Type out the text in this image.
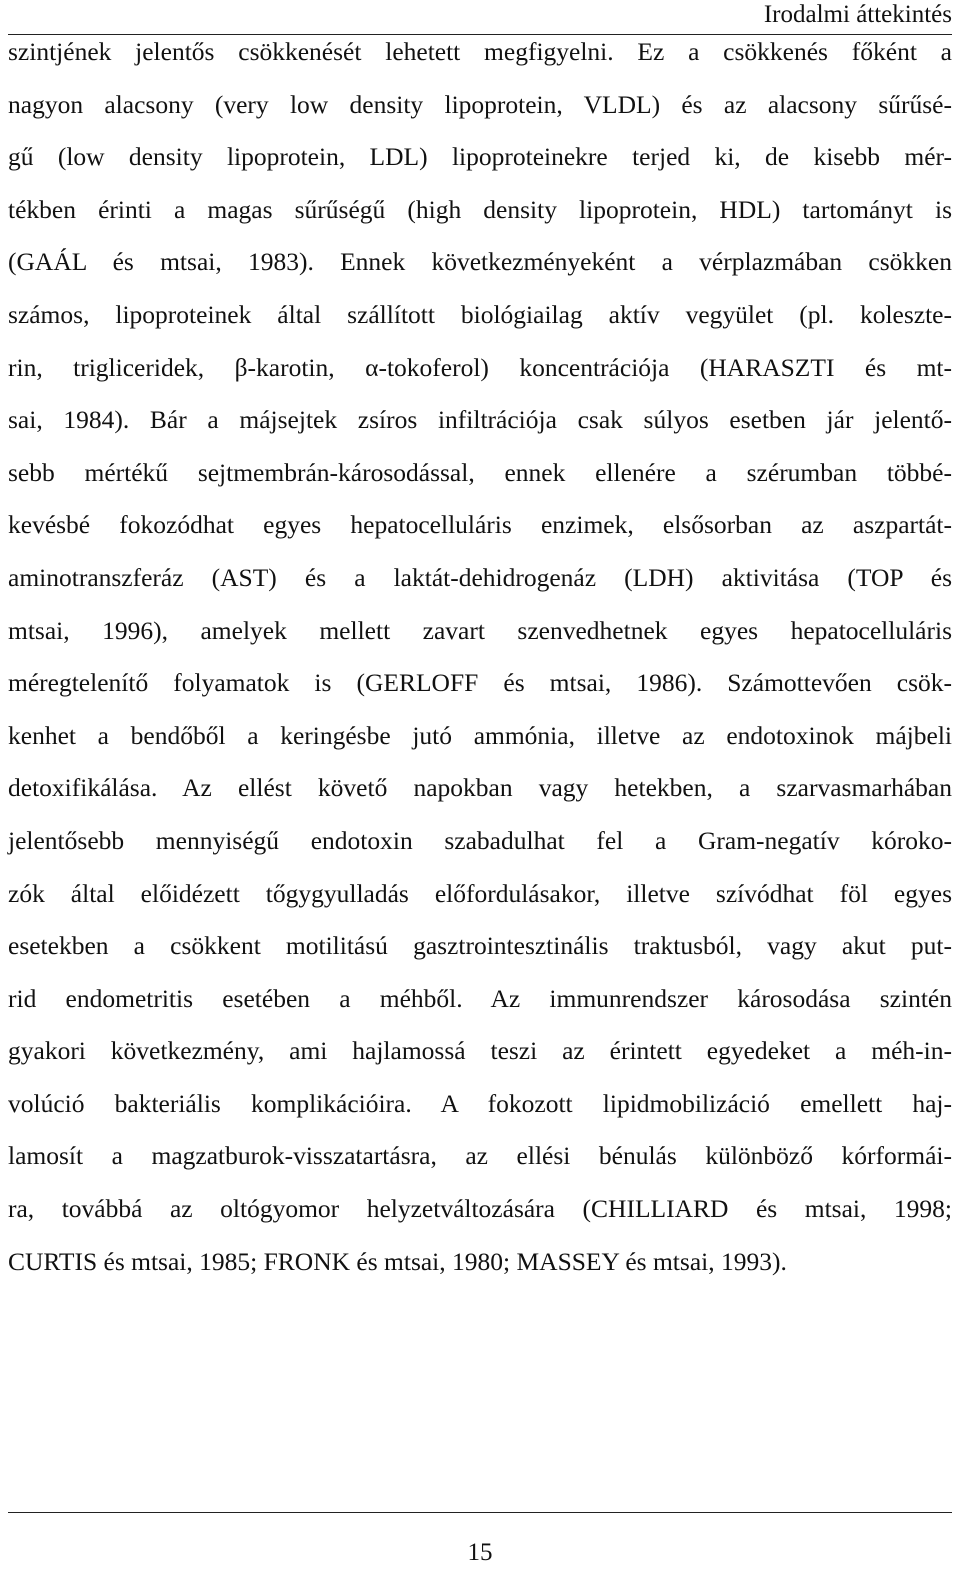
Irodalmi áttekintés
szintjének jelentős csökkenését lehetett megfigyelni. Ez a csökkenés főként a
nagyon alacsony (very low density lipoprotein, VLDL) és az alacsony sűrűsé-
gű (low density lipoprotein, LDL) lipoproteinekre terjed ki, de kisebb mér-
tékben érinti a magas sűrűségű (high density lipoprotein, HDL) tartományt is
(GAÁL és mtsai, 1983). Ennek következményeként a vérplazmában csökken
számos, lipoproteinek által szállított biológiailag aktív vegyület (pl. koleszte-
rin, trigliceridek, β-karotin, α-tokoferol) koncentrációja (HARASZTI és mt-
sai, 1984). Bár a májsejtek zsíros infiltrációja csak súlyos esetben jár jelentő-
sebb mértékű sejtmembrán-károsodással, ennek ellenére a szérumban többé-
kevésbé fokozódhat egyes hepatocelluláris enzimek, elsősorban az aszpartát-
aminotranszferáz (AST) és a laktát-dehidrogenáz (LDH) aktivitása (TOP és
mtsai, 1996), amelyek mellett zavart szenvedhetnek egyes hepatocelluláris
méregtelenítő folyamatok is (GERLOFF és mtsai, 1986). Számottevően csök-
kenhet a bendőből a keringésbe jutó ammónia, illetve az endotoxinok májbeli
detoxifikálása. Az ellést követő napokban vagy hetekben, a szarvasmarhában
jelentősebb mennyiségű endotoxin szabadulhat fel a Gram-negatív kóroko-
zók által előidézett tőgygyulladás előfordulásakor, illetve szívódhat föl egyes
esetekben a csökkent motilitású gasztrointesztinális traktusból, vagy akut put-
rid endometritis esetében a méhből. Az immunrendszer károsodása szintén
gyakori következmény, ami hajlamossá teszi az érintett egyedeket a méh-in-
volúció bakteriális komplikációira. A fokozott lipidmobilizáció emellett haj-
lamosít a magzatburok-visszatartásra, az ellési bénulás különböző kórformái-
ra, továbbá az oltógyomor helyzetváltozására (CHILLIARD és mtsai, 1998;
CURTIS és mtsai, 1985; FRONK és mtsai, 1980; MASSEY és mtsai, 1993).
15
